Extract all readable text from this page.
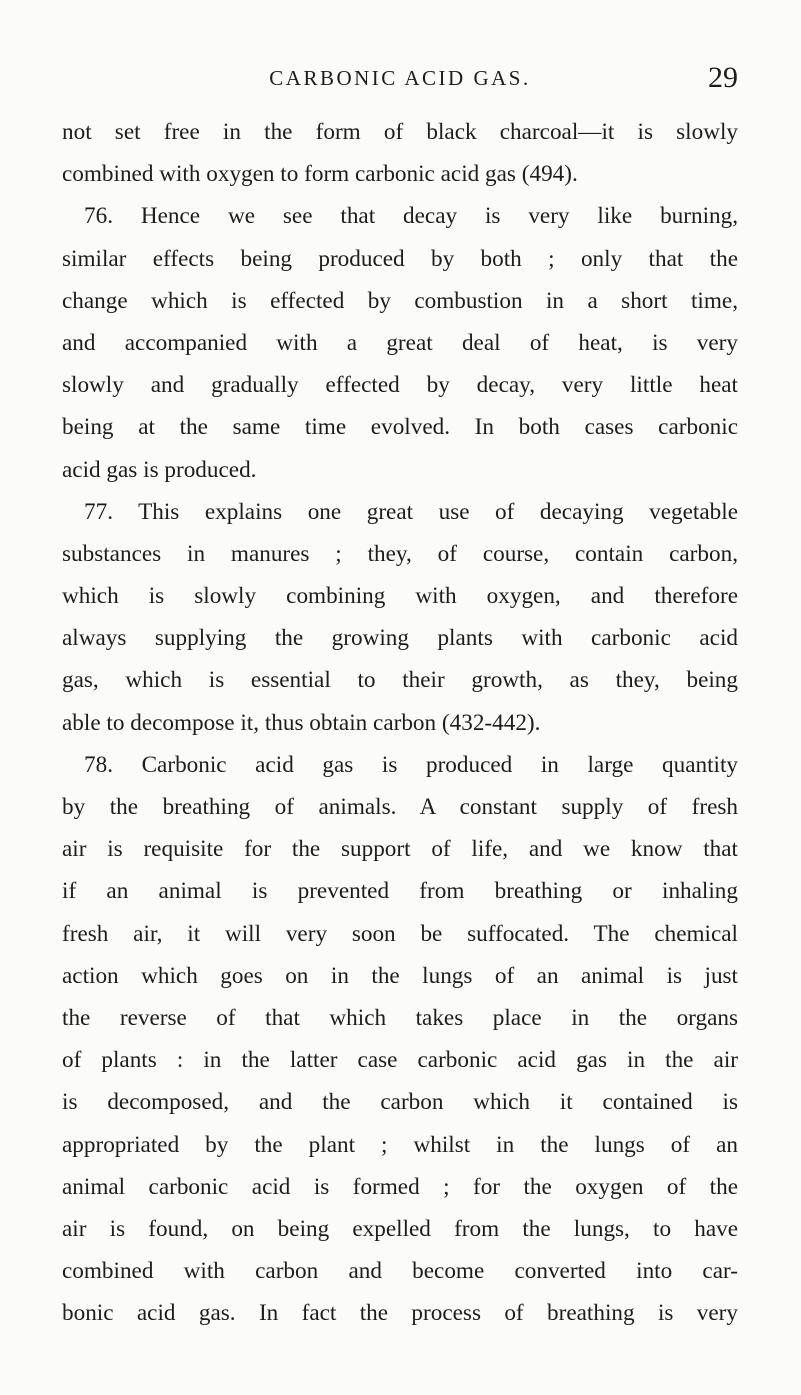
CARBONIC ACID GAS.	29
not set free in the form of black charcoal—it is slowly
combined with oxygen to form carbonic acid gas (494).
76. Hence we see that decay is very like burning,
similar effects being produced by both ; only that the
change which is effected by combustion in a short time,
and accompanied with a great deal of heat, is very
slowly and gradually effected by decay, very little heat
being at the same time evolved. In both cases carbonic
acid gas is produced.
77. This explains one great use of decaying vegetable
substances in manures ; they, of course, contain carbon,
which is slowly combining with oxygen, and therefore
always supplying the growing plants with carbonic acid
gas, which is essential to their growth, as they, being
able to decompose it, thus obtain carbon (432-442).
78. Carbonic acid gas is produced in large quantity
by the breathing of animals. A constant supply of fresh
air is requisite for the support of life, and we know that
if an animal is prevented from breathing or inhaling
fresh air, it will very soon be suffocated. The chemical
action which goes on in the lungs of an animal is just
the reverse of that which takes place in the organs
of plants : in the latter case carbonic acid gas in the air
is decomposed, and the carbon which it contained is
appropriated by the plant ; whilst in the lungs of an
animal carbonic acid is formed ; for the oxygen of the
air is found, on being expelled from the lungs, to have
combined with carbon and become converted into car-
bonic acid gas. In fact the process of breathing is very
